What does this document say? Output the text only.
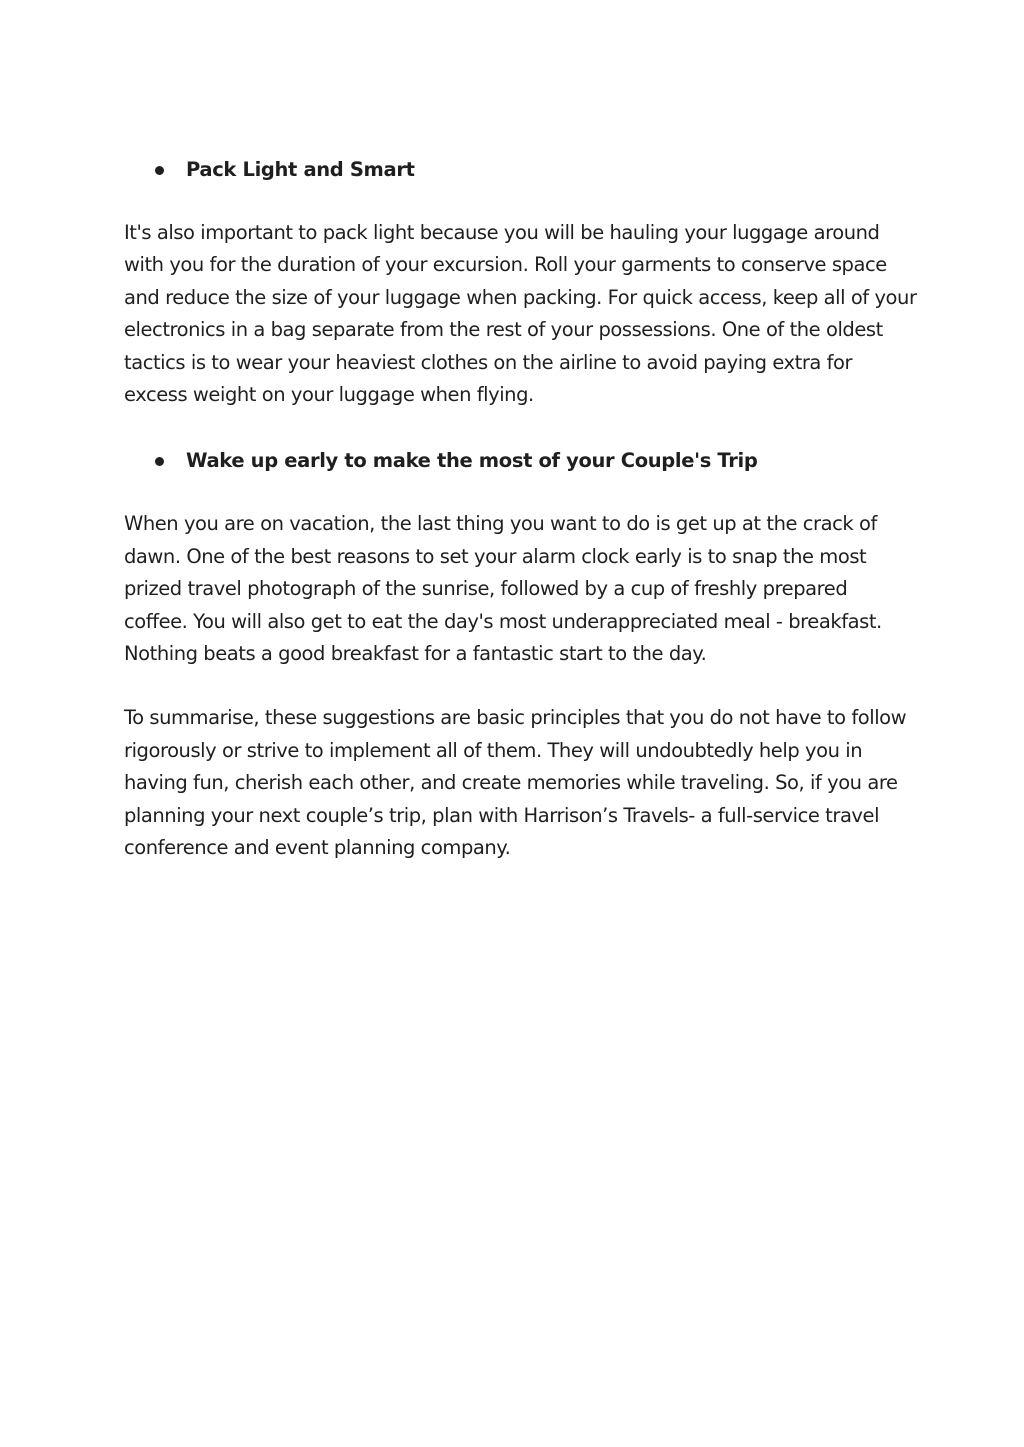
Pack Light and Smart

It's also important to pack light because you will be hauling your luggage around
with you for the duration of your excursion. Roll your garments to conserve space
and reduce the size of your luggage when packing. For quick access, keep all of your
electronics in a bag separate from the rest of your possessions. One of the oldest
tactics is to wear your heaviest clothes on the airline to avoid paying extra for
excess weight on your luggage when flying.

Wake up early to make the most of your Couple's Trip

When you are on vacation, the last thing you want to do is get up at the crack of
dawn. One of the best reasons to set your alarm clock early is to snap the most
prized travel photograph of the sunrise, followed by a cup of freshly prepared
coffee. You will also get to eat the day's most underappreciated meal - breakfast.
Nothing beats a good breakfast for a fantastic start to the day.

To summarise, these suggestions are basic principles that you do not have to follow
rigorously or strive to implement all of them. They will undoubtedly help you in
having fun, cherish each other, and create memories while traveling. So, if you are
planning your next couple’s trip, plan with Harrison’s Travels- a full-service travel
conference and event planning company.
